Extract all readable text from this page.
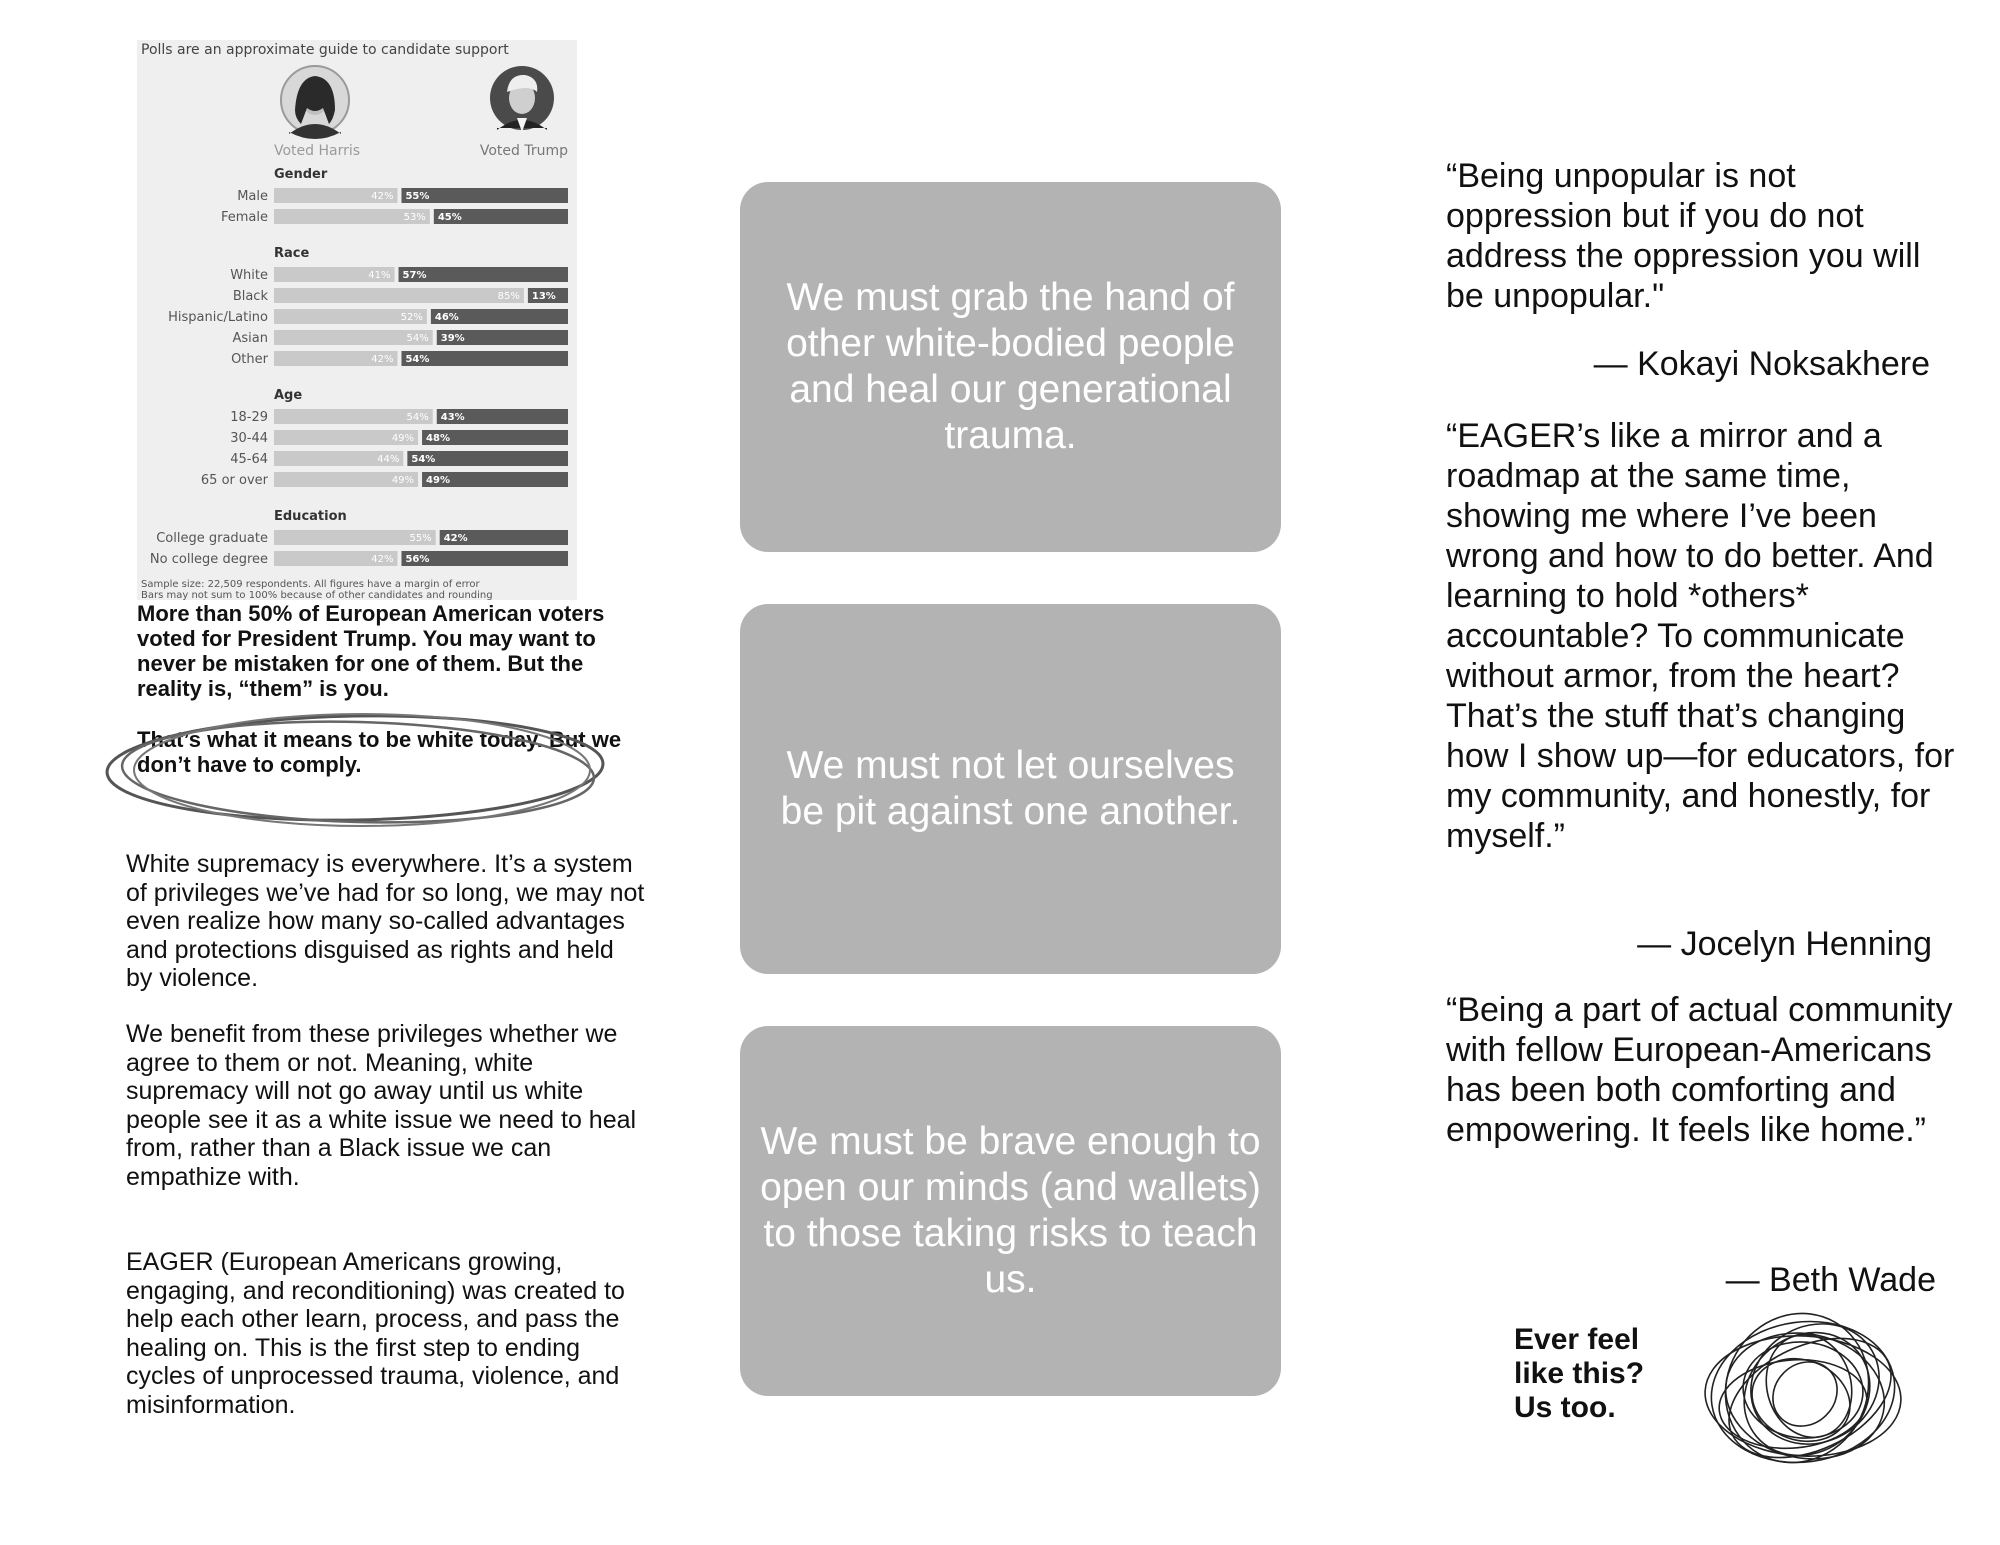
Polls are an approximate guide to candidate support
Voted Harris	Voted Trump
Gender
Male	42% 55%
Female	53% 45%
Race
White	41% 57%
Black	85% 13%
Hispanic/Latino	52% 46%
Asian	54% 39%
Other	42% 54%
Age
18-29	54% 43%
30-44	49% 48%
45-64	44% 54%
65 or over	49% 49%
Education
College graduate	55% 42%
No college degree	42% 56%
Sample size: 22,509 respondents. All figures have a margin of error
Bars may not sum to 100% because of other candidates and rounding
More than 50% of European American voters voted for President Trump. You may want to never be mistaken for one of them. But the reality is, “them” is you.
That’s what it means to be white today. But we don’t have to comply.
White supremacy is everywhere. It’s a system of privileges we’ve had for so long, we may not even realize how many so-called advantages and protections disguised as rights and held by violence.
We benefit from these privileges whether we agree to them or not. Meaning, white supremacy will not go away until us white people see it as a white issue we need to heal from, rather than a Black issue we can empathize with.
EAGER (European Americans growing, engaging, and reconditioning) was created to help each other learn, process, and pass the healing on. This is the first step to ending cycles of unprocessed trauma, violence, and misinformation.
We must grab the hand of other white-bodied people and heal our generational trauma.
We must not let ourselves be pit against one another.
We must be brave enough to open our minds (and wallets) to those taking risks to teach us.
“Being unpopular is not oppression but if you do not address the oppression you will be unpopular."
— Kokayi Noksakhere
“EAGER’s like a mirror and a roadmap at the same time, showing me where I’ve been wrong and how to do better. And learning to hold *others* accountable? To communicate without armor, from the heart? That’s the stuff that’s changing how I show up—for educators, for my community, and honestly, for myself.”
— Jocelyn Henning
“Being a part of actual community with fellow European-Americans has been both comforting and empowering. It feels like home.”
— Beth Wade
Ever feel like this? Us too.
